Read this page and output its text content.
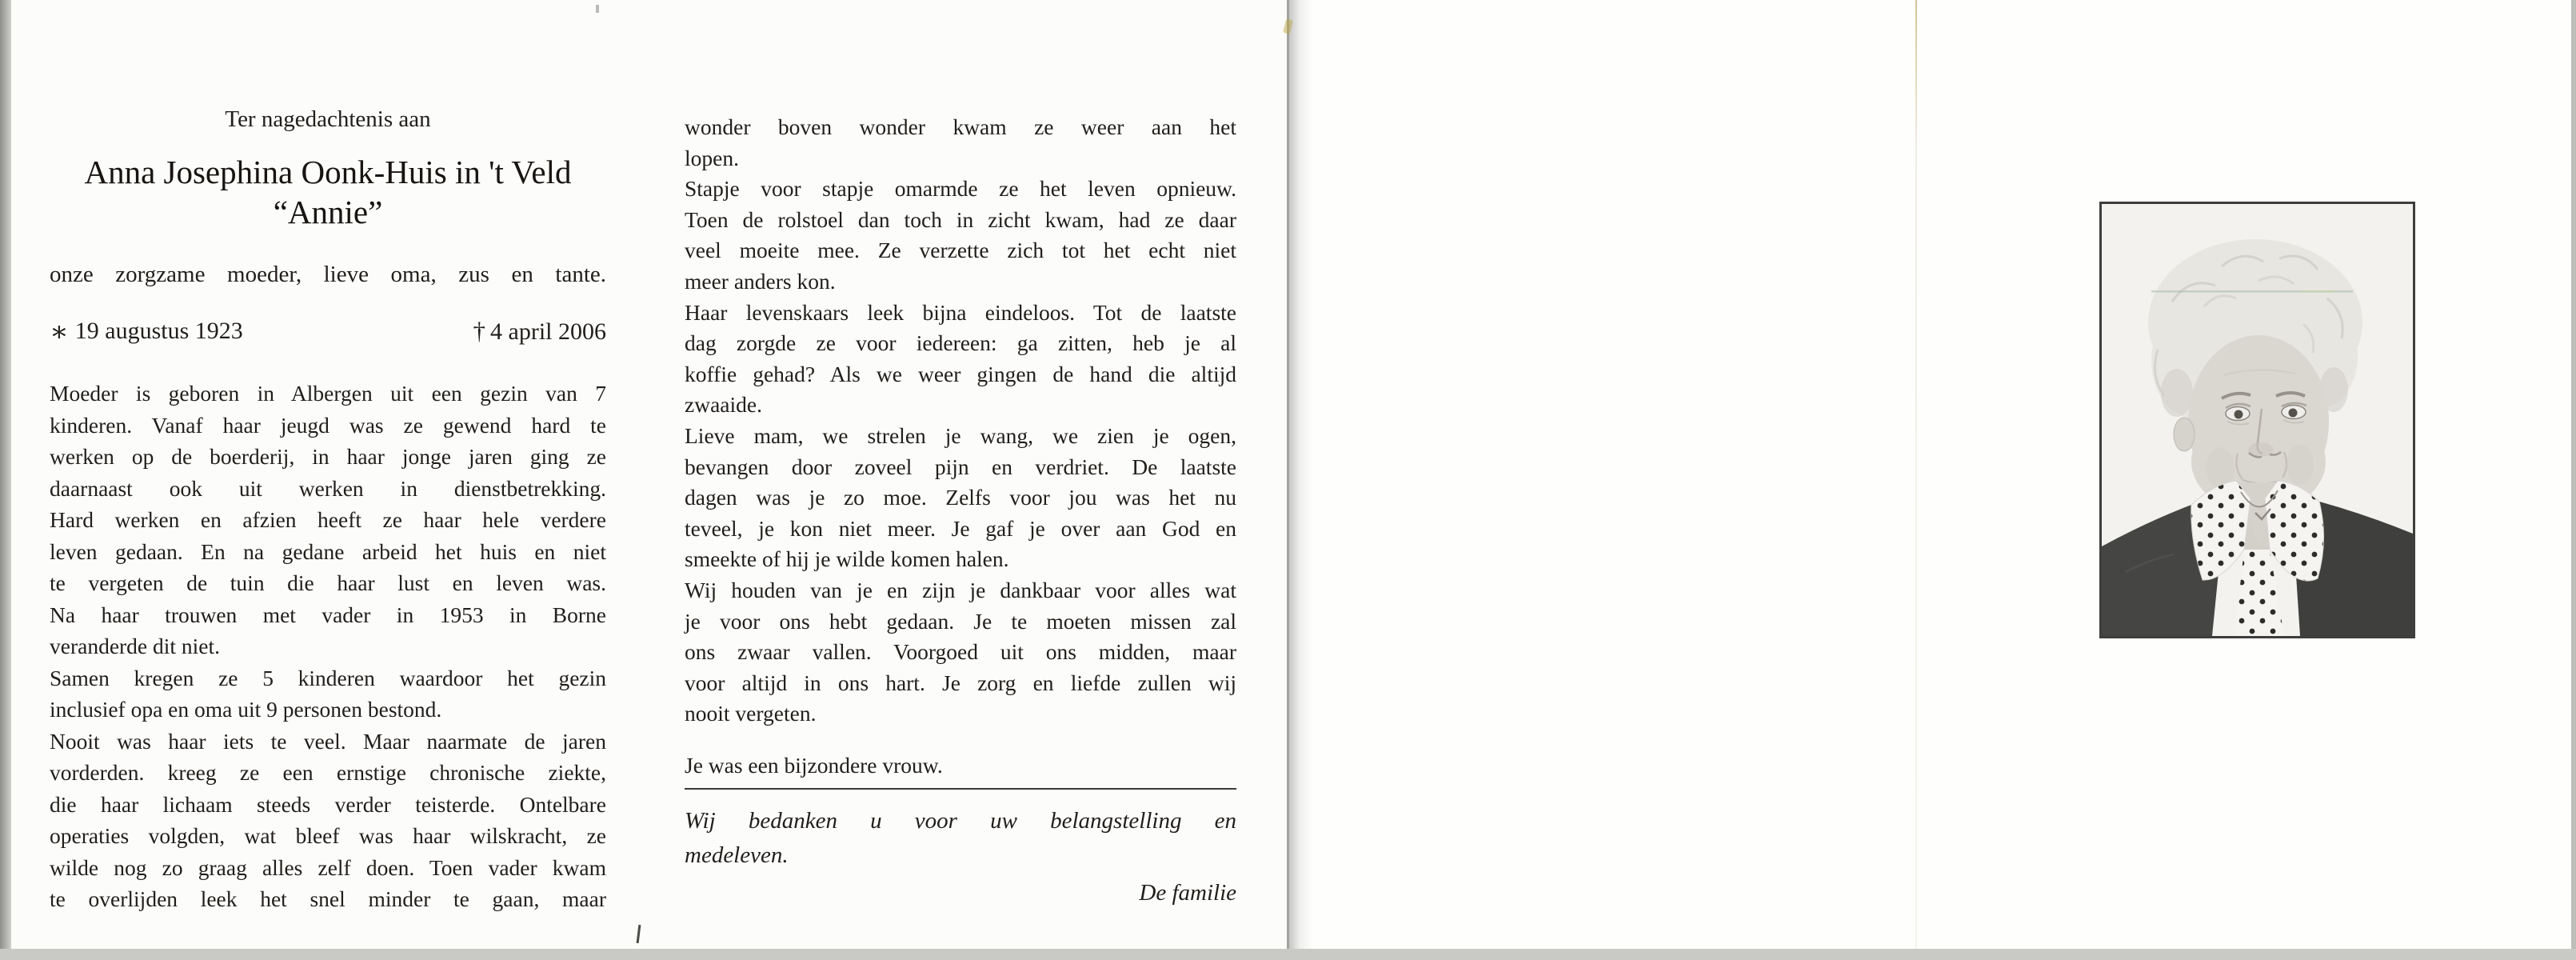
Ter nagedachtenis aan
Anna Josephina Oonk-Huis in 't Veld
“Annie”
onze zorgzame moeder, lieve oma, zus en tante.
∗ 19 augustus 1923	† 4 april 2006
Moeder is geboren in Albergen uit een gezin van 7
kinderen. Vanaf haar jeugd was ze gewend hard te
werken op de boerderij, in haar jonge jaren ging ze
daarnaast ook uit werken in dienstbetrekking.
Hard werken en afzien heeft ze haar hele verdere
leven gedaan. En na gedane arbeid het huis en niet
te vergeten de tuin die haar lust en leven was.
Na haar trouwen met vader in 1953 in Borne
veranderde dit niet.
Samen kregen ze 5 kinderen waardoor het gezin
inclusief opa en oma uit 9 personen bestond.
Nooit was haar iets te veel. Maar naarmate de jaren
vorderden. kreeg ze een ernstige chronische ziekte,
die haar lichaam steeds verder teisterde. Ontelbare
operaties volgden, wat bleef was haar wilskracht, ze
wilde nog zo graag alles zelf doen. Toen vader kwam
te overlijden leek het snel minder te gaan, maar
wonder boven wonder kwam ze weer aan het
lopen.
Stapje voor stapje omarmde ze het leven opnieuw.
Toen de rolstoel dan toch in zicht kwam, had ze daar
veel moeite mee. Ze verzette zich tot het echt niet
meer anders kon.
Haar levenskaars leek bijna eindeloos. Tot de laatste
dag zorgde ze voor iedereen: ga zitten, heb je al
koffie gehad? Als we weer gingen de hand die altijd
zwaaide.
Lieve mam, we strelen je wang, we zien je ogen,
bevangen door zoveel pijn en verdriet. De laatste
dagen was je zo moe. Zelfs voor jou was het nu
teveel, je kon niet meer. Je gaf je over aan God en
smeekte of hij je wilde komen halen.
Wij houden van je en zijn je dankbaar voor alles wat
je voor ons hebt gedaan. Je te moeten missen zal
ons zwaar vallen. Voorgoed uit ons midden, maar
voor altijd in ons hart. Je zorg en liefde zullen wij
nooit vergeten.
Je was een bijzondere vrouw.
Wij bedanken u voor uw belangstelling en
medeleven.
De familie
